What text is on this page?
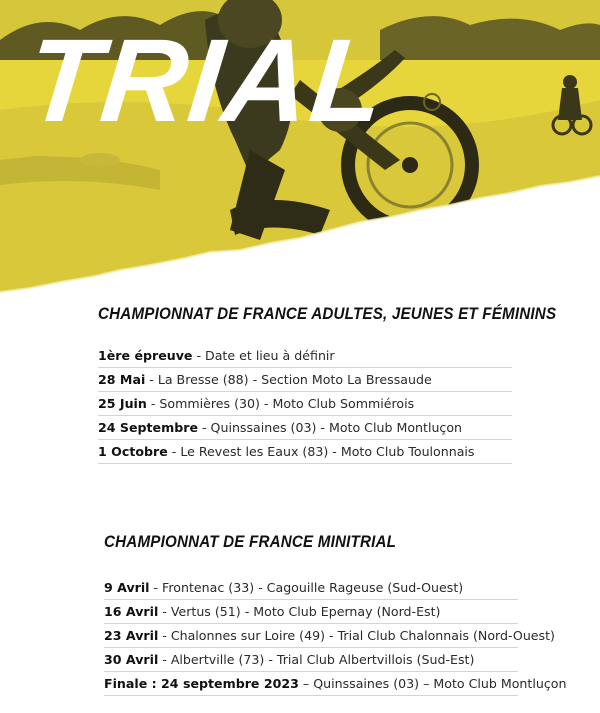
TRIAL
CHAMPIONNAT DE FRANCE ADULTES, JEUNES ET FÉMININS
1ère épreuve - Date et lieu à définir
28 Mai - La Bresse (88) - Section Moto La Bressaude
25 Juin - Sommières (30) - Moto Club Sommiérois
24 Septembre - Quinssaines (03) - Moto Club Montluçon
1 Octobre - Le Revest les Eaux (83) - Moto Club Toulonnais
CHAMPIONNAT DE FRANCE MINITRIAL
9 Avril - Frontenac (33) - Cagouille Rageuse (Sud-Ouest)
16 Avril - Vertus (51) - Moto Club Epernay (Nord-Est)
23 Avril - Chalonnes sur Loire (49) - Trial Club Chalonnais (Nord-Ouest)
30 Avril - Albertville (73) - Trial Club Albertvillois (Sud-Est)
Finale : 24 septembre 2023 – Quinssaines (03) – Moto Club Montluçon
